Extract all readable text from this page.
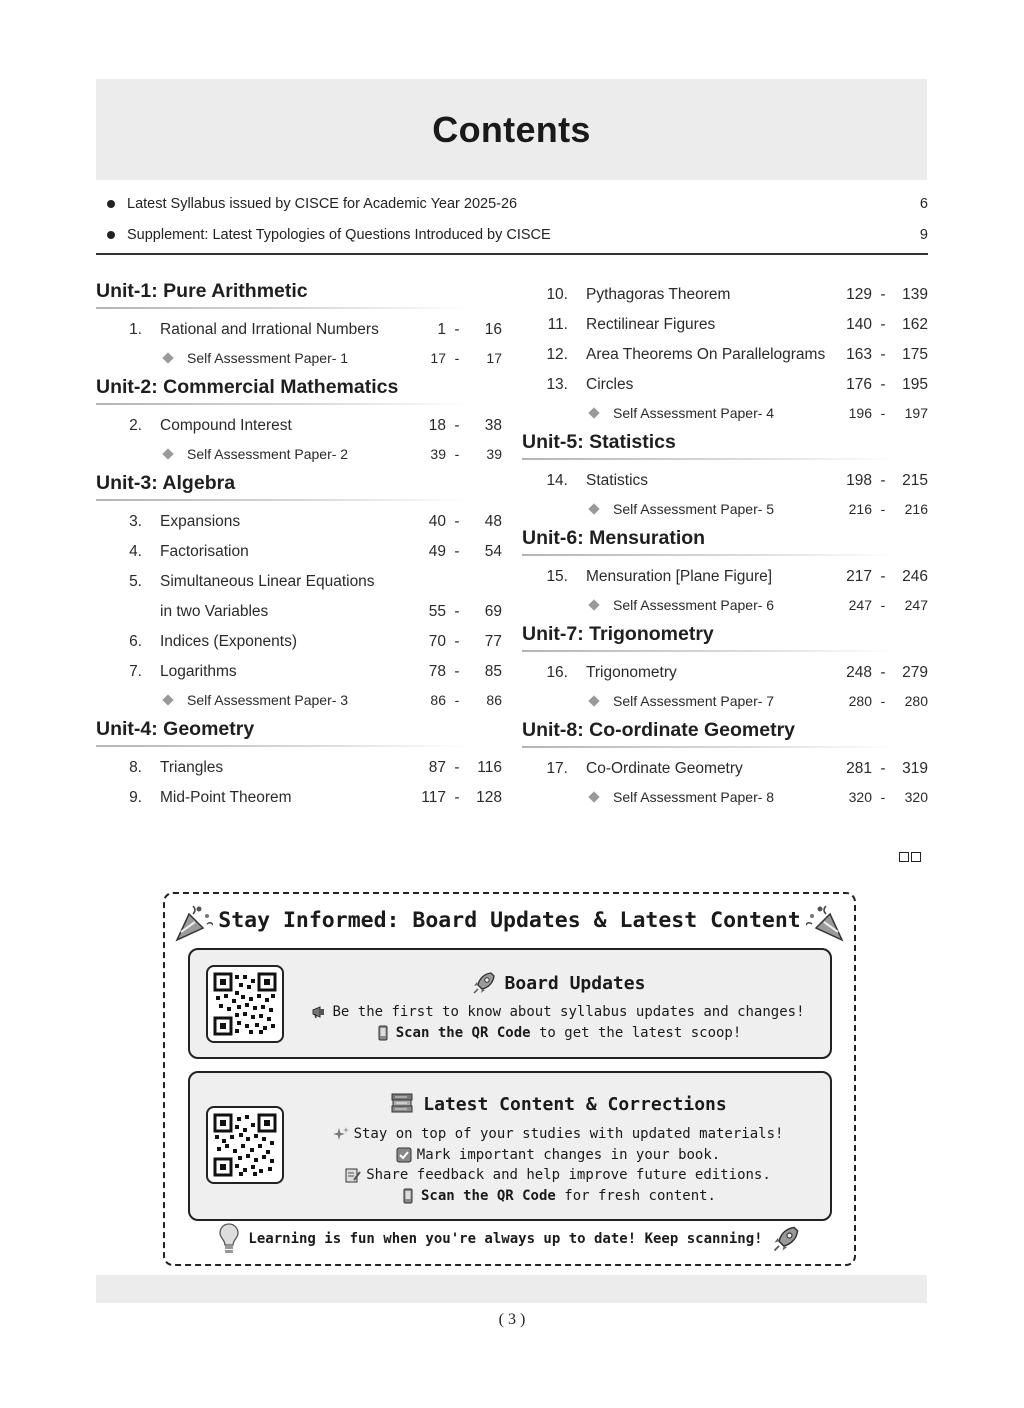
Contents
Latest Syllabus issued by CISCE for Academic Year 2025-26	6
Supplement: Latest Typologies of Questions Introduced by CISCE	9
Unit-1: Pure Arithmetic
1.	Rational and Irrational Numbers	1 -	16
Self Assessment Paper- 1	17 -	17
Unit-2: Commercial Mathematics
2.	Compound Interest	18 -	38
Self Assessment Paper- 2	39 -	39
Unit-3: Algebra
3.	Expansions	40 -	48
4.	Factorisation	49 -	54
5.	Simultaneous Linear Equations
in two Variables	55 -	69
6.	Indices (Exponents)	70 -	77
7.	Logarithms	78 -	85
Self Assessment Paper- 3	86 -	86
Unit-4: Geometry
8.	Triangles	87 -	116
9.	Mid-Point Theorem	117 -	128
10.	Pythagoras Theorem	129 -	139
11.	Rectilinear Figures	140 -	162
12.	Area Theorems On Parallelograms	163 -	175
13.	Circles	176 -	195
Self Assessment Paper- 4	196 -	197
Unit-5: Statistics
14.	Statistics	198 -	215
Self Assessment Paper- 5	216 -	216
Unit-6: Mensuration
15.	Mensuration [Plane Figure]	217 -	246
Self Assessment Paper- 6	247 -	247
Unit-7: Trigonometry
16.	Trigonometry	248 -	279
Self Assessment Paper- 7	280 -	280
Unit-8: Co-ordinate Geometry
17.	Co-Ordinate Geometry	281 -	319
Self Assessment Paper- 8	320 -	320
Stay Informed: Board Updates & Latest Content
Board Updates
Be the first to know about syllabus updates and changes!
Scan the QR Code to get the latest scoop!
Latest Content & Corrections
Stay on top of your studies with updated materials!
Mark important changes in your book.
Share feedback and help improve future editions.
Scan the QR Code for fresh content.
Learning is fun when you're always up to date! Keep scanning!
( 3 )
